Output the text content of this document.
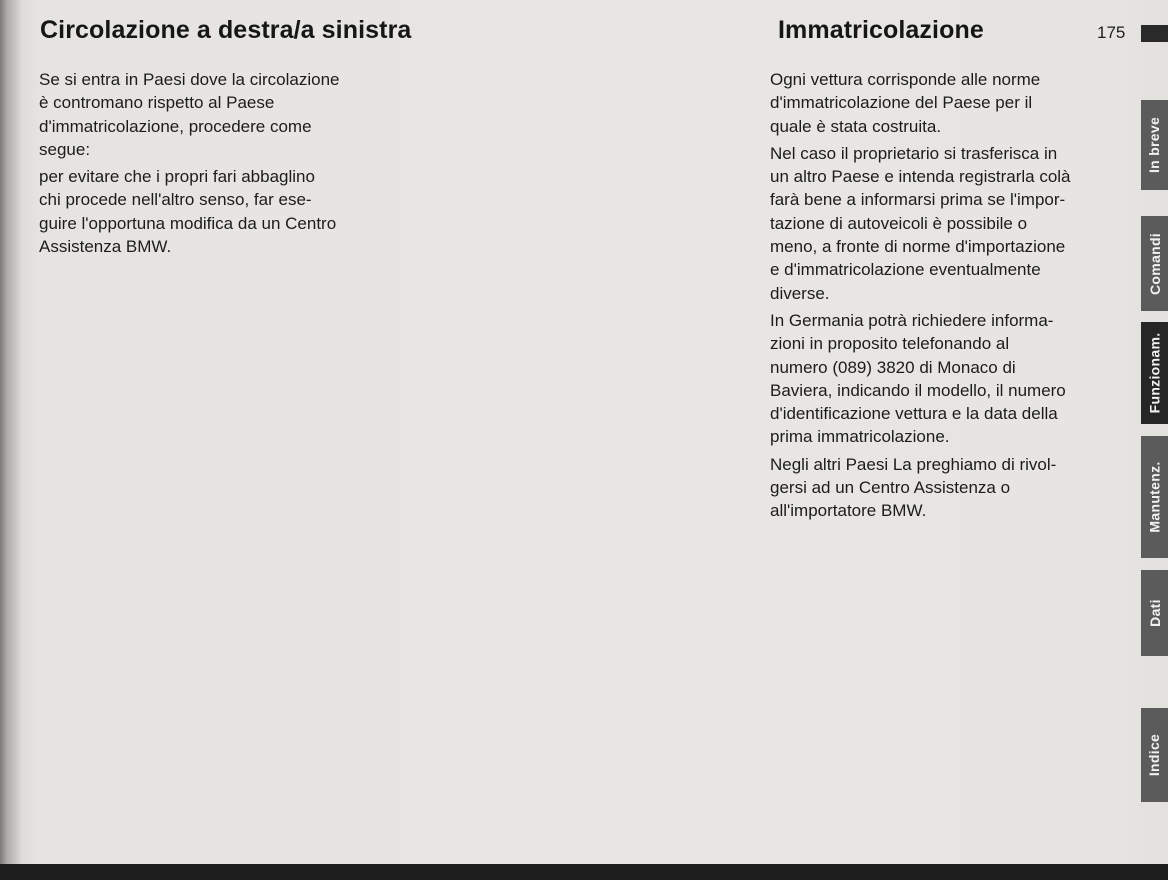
Circolazione a destra/a sinistra	Immatricolazione	175

Se si entra in Paesi dove la circolazione
è contromano rispetto al Paese
d'immatricolazione, procedere come
segue:

per evitare che i propri fari abbaglino
chi procede nell'altro senso, far ese-
guire l'opportuna modifica da un Centro
Assistenza BMW.

Ogni vettura corrisponde alle norme
d'immatricolazione del Paese per il
quale è stata costruita.

Nel caso il proprietario si trasferisca in
un altro Paese e intenda registrarla colà
farà bene a informarsi prima se l'impor-
tazione di autoveicoli è possibile o
meno, a fronte di norme d'importazione
e d'immatricolazione eventualmente
diverse.

In Germania potrà richiedere informa-
zioni in proposito telefonando al
numero (089) 3820 di Monaco di
Baviera, indicando il modello, il numero
d'identificazione vettura e la data della
prima immatricolazione.

Negli altri Paesi La preghiamo di rivol-
gersi ad un Centro Assistenza o
all'importatore BMW.

In breve
Comandi
Funzionam.
Manutenz.
Dati
Indice
